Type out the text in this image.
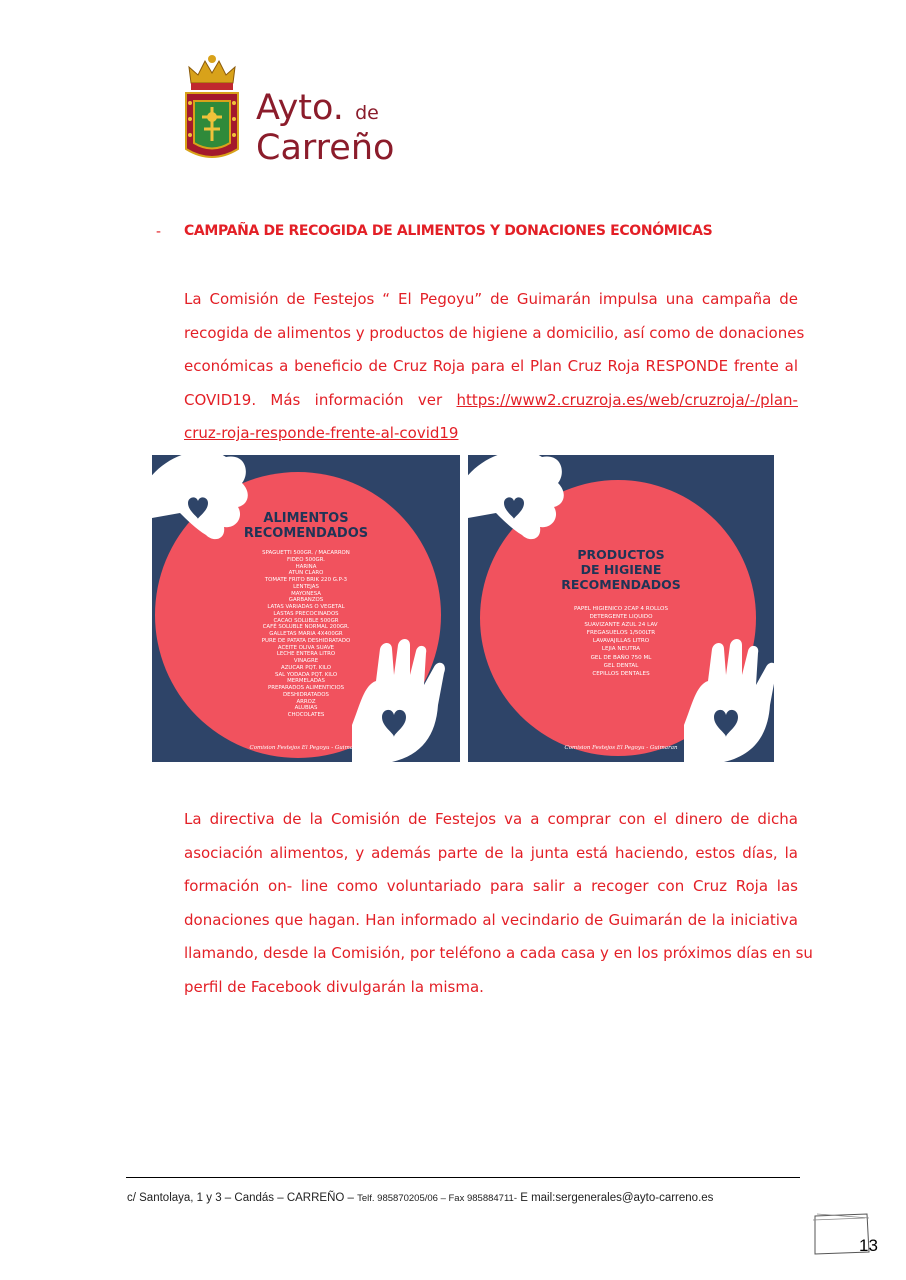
Ayto. de
Carreño
- CAMPAÑA DE RECOGIDA DE ALIMENTOS Y DONACIONES ECONÓMICAS
La Comisión de Festejos “ El Pegoyu” de Guimarán impulsa una campaña de
recogida de alimentos y productos de higiene a domicilio, así como de donaciones
económicas a beneficio de Cruz Roja para el Plan Cruz Roja RESPONDE frente al
COVID19. Más información ver https://www2.cruzroja.es/web/cruzroja/-/plan-
cruz-roja-responde-frente-al-covid19
ALIMENTOS
RECOMENDADOS
SPAGUETTI 500GR. / MACARRON
FIDEO 500GR.
HARINA
ATUN CLARO
TOMATE FRITO BRIK 220 G.P-3
LENTEJAS
MAYONESA
GARBANZOS
LATAS VARIADAS O VEGETAL
LASTAS PRECOCINADOS
CACAO SOLUBLE 500GR
CAFÉ SOLUBLE NORMAL 200GR.
GALLETAS MARIA 4X400GR
PURE DE PATATA DESHIDRATADO
ACEITE OLIVA SUAVE
LECHE ENTERA LITRO
VINAGRE
AZUCAR PQT. KILO
SAL YODADA PQT. KILO
MERMELADAS
PREPARADOS ALIMENTICIOS
DESHIDRATADOS
ARROZ
ALUBIAS
CHOCOLATES
Comision Festejos El Pegoyu - Guimaran
PRODUCTOS
DE HIGIENE
RECOMENDADOS
PAPEL HIGIENICO 2CAP 4 ROLLOS
DETERGENTE LIQUIDO
SUAVIZANTE AZUL 24 LAV
FREGASUELOS 1/500LTR
LAVAVAJILLAS LITRO
LEJIA NEUTRA
GEL DE BAÑO 750 ML
GEL DENTAL
CEPILLOS DENTALES
Comision Festejos El Pegoyu - Guimaran
La directiva de la Comisión de Festejos va a comprar con el dinero de dicha
asociación alimentos, y además parte de la junta está haciendo, estos días, la
formación on- line como voluntariado para salir a recoger con Cruz Roja las
donaciones que hagan. Han informado al vecindario de Guimarán de la iniciativa
llamando, desde la Comisión, por teléfono a cada casa y en los próximos días en su
perfil de Facebook divulgarán la misma.
c/ Santolaya, 1 y 3 – Candás – CARREÑO – Telf. 985870205/06 – Fax 985884711- E mail:sergenerales@ayto-carreno.es
13
